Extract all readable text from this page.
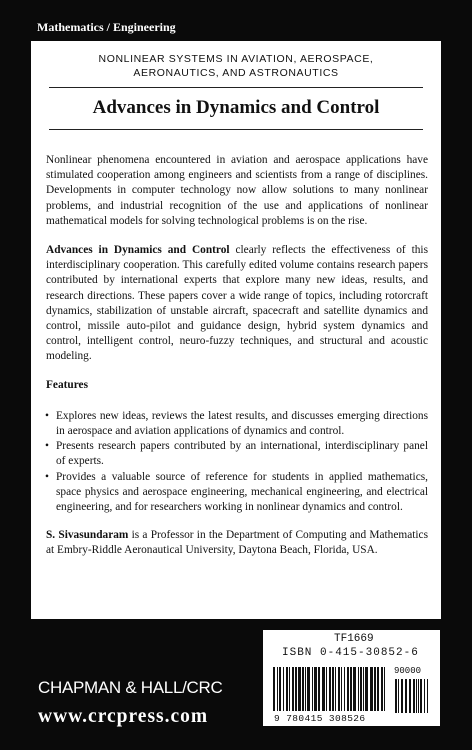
Mathematics / Engineering
NONLINEAR SYSTEMS IN AVIATION, AEROSPACE,
AERONAUTICS, AND ASTRONAUTICS
Advances in Dynamics and Control

Nonlinear phenomena encountered in aviation and aerospace applications have stimulated cooperation among engineers and scientists from a range of disciplines. Developments in computer technology now allow solutions to many nonlinear problems, and industrial recognition of the use and applications of nonlinear mathematical models for solving technological problems is on the rise.

Advances in Dynamics and Control clearly reflects the effectiveness of this interdisciplinary cooperation. This carefully edited volume contains research papers contributed by international experts that explore many new ideas, results, and research directions. These papers cover a wide range of topics, including rotorcraft dynamics, stabilization of unstable aircraft, spacecraft and satellite dynamics and control, missile auto-pilot and guidance design, hybrid system dynamics and control, intelligent control, neuro-fuzzy techniques, and structural and acoustic modeling.

Features

• Explores new ideas, reviews the latest results, and discusses emerging directions in aerospace and aviation applications of dynamics and control.
• Presents research papers contributed by an international, interdisciplinary panel of experts.
• Provides a valuable source of reference for students in applied mathematics, space physics and aerospace engineering, mechanical engineering, and electrical engineering, and for researchers working in nonlinear dynamics and control.

S. Sivasundaram is a Professor in the Department of Computing and Mathematics at Embry-Riddle Aeronautical University, Daytona Beach, Florida, USA.

CHAPMAN & HALL/CRC
www.crcpress.com
TF1669
ISBN 0-415-30852-6
9 780415 308526
90000
